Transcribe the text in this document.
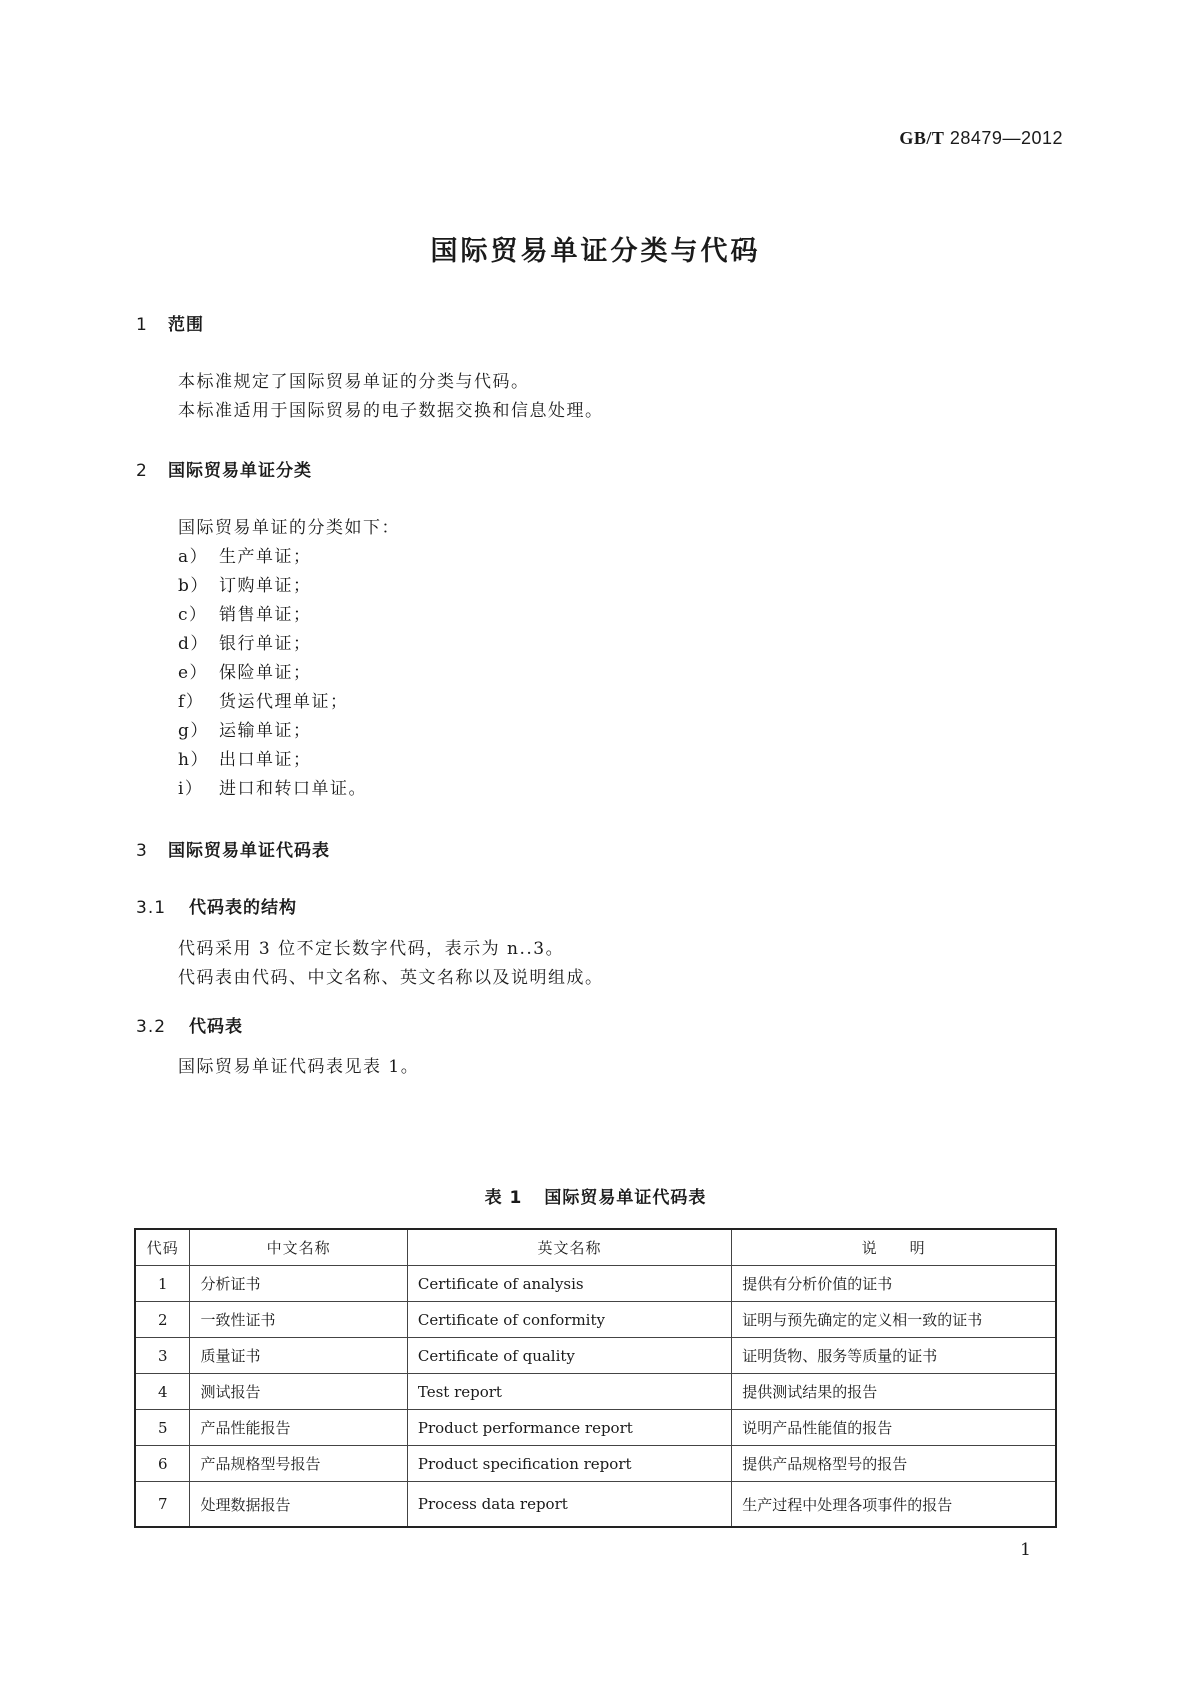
GB/T 28479—2012
国际贸易单证分类与代码
1 范围
本标准规定了国际贸易单证的分类与代码。
本标准适用于国际贸易的电子数据交换和信息处理。
2 国际贸易单证分类
国际贸易单证的分类如下：
a） 生产单证；
b） 订购单证；
c） 销售单证；
d） 银行单证；
e） 保险单证；
f） 货运代理单证；
g） 运输单证；
h） 出口单证；
i） 进口和转口单证。
3 国际贸易单证代码表
3.1 代码表的结构
代码采用 3 位不定长数字代码，表示为 n..3。
代码表由代码、中文名称、英文名称以及说明组成。
3.2 代码表
国际贸易单证代码表见表 1。
表 1 国际贸易单证代码表
代码	中文名称	英文名称	说　　明
1	分析证书	Certificate of analysis	提供有分析价值的证书
2	一致性证书	Certificate of conformity	证明与预先确定的定义相一致的证书
3	质量证书	Certificate of quality	证明货物、服务等质量的证书
4	测试报告	Test report	提供测试结果的报告
5	产品性能报告	Product performance report	说明产品性能值的报告
6	产品规格型号报告	Product specification report	提供产品规格型号的报告
7	处理数据报告	Process data report	生产过程中处理各项事件的报告
1
